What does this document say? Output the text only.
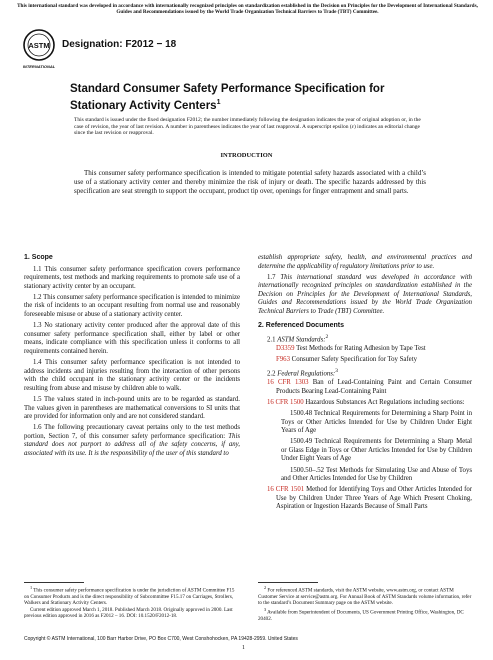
This international standard was developed in accordance with internationally recognized principles on standardization established in the Decision on Principles for the Development of International Standards, Guides and Recommendations issued by the World Trade Organization Technical Barriers to Trade (TBT) Committee.
ASTM
INTERNATIONAL
Designation: F2012 − 18
Standard Consumer Safety Performance Specification for Stationary Activity Centers$^1$
This standard is issued under the fixed designation F2012; the number immediately following the designation indicates the year of original adoption or, in the case of revision, the year of last revision. A number in parentheses indicates the year of last reapproval. A superscript epsilon (ε) indicates an editorial change since the last revision or reapproval.
INTRODUCTION
This consumer safety performance specification is intended to mitigate potential safety hazards associated with a child’s use of a stationary activity center and thereby minimize the risk of injury or death. The specific hazards addressed by this specification are seat strength to support the occupant, product tip over, openings for finger entrapment and small parts.
1. Scope

1.1 This consumer safety performance specification covers performance requirements, test methods and marking requirements to promote safe use of a stationary activity center by an occupant.

1.2 This consumer safety performance specification is intended to minimize the risk of incidents to an occupant resulting from normal use and reasonably foreseeable misuse or abuse of a stationary activity center.

1.3 No stationary activity center produced after the approval date of this consumer safety performance specification shall, either by label or other means, indicate compliance with this specification unless it conforms to all requirements contained herein.

1.4 This consumer safety performance specification is not intended to address incidents and injuries resulting from the interaction of other persons with the child occupant in the stationary activity center or the incidents resulting from abuse and misuse by children able to walk.

1.5 The values stated in inch-pound units are to be regarded as standard. The values given in parentheses are mathematical conversions to SI units that are provided for information only and are not considered standard.

1.6 The following precautionary caveat pertains only to the test methods portion, Section 7, of this consumer safety performance specification: This standard does not purport to address all of the safety concerns, if any, associated with its use. It is the responsibility of the user of this standard to

establish appropriate safety, health, and environmental practices and determine the applicability of regulatory limitations prior to use.

1.7 This international standard was developed in accordance with internationally recognized principles on standardization established in the Decision on Principles for the Development of International Standards, Guides and Recommendations issued by the World Trade Organization Technical Barriers to Trade (TBT) Committee.

2. Referenced Documents

2.1 ASTM Standards:$^2$

D3359 Test Methods for Rating Adhesion by Tape Test

F963 Consumer Safety Specification for Toy Safety

2.2 Federal Regulations:$^3$

16 CFR 1303 Ban of Lead-Containing Paint and Certain Consumer Products Bearing Lead-Containing Paint

16 CFR 1500 Hazardous Substances Act Regulations including sections:

1500.48 Technical Requirements for Determining a Sharp Point in Toys or Other Articles Intended for Use by Children Under Eight Years of Age

1500.49 Technical Requirements for Determining a Sharp Metal or Glass Edge in Toys or Other Articles Intended for Use by Children Under Eight Years of Age

1500.50–.52 Test Methods for Simulating Use and Abuse of Toys and Other Articles Intended for Use by Children

16 CFR 1501 Method for Identifying Toys and Other Articles Intended for Use by Children Under Three Years of Age Which Present Choking, Aspiration or Ingestion Hazards Because of Small Parts

$^1$ This consumer safety performance specification is under the jurisdiction of ASTM Committee F15 on Consumer Products and is the direct responsibility of Subcommittee F15.17 on Carriages, Strollers, Walkers and Stationary Activity Centers.

Current edition approved March 1, 2018. Published March 2018. Originally approved in 2000. Last previous edition approved in 2016 as F2012 – 16. DOI: 10.1520/F2012-18.

$^2$ For referenced ASTM standards, visit the ASTM website, www.astm.org, or contact ASTM Customer Service at service@astm.org. For Annual Book of ASTM Standards volume information, refer to the standard’s Document Summary page on the ASTM website.

$^3$ Available from Superintendent of Documents, US Government Printing Office, Washington, DC 20402.

Copyright © ASTM International, 100 Barr Harbor Drive, PO Box C700, West Conshohocken, PA 19428-2959. United States
1
